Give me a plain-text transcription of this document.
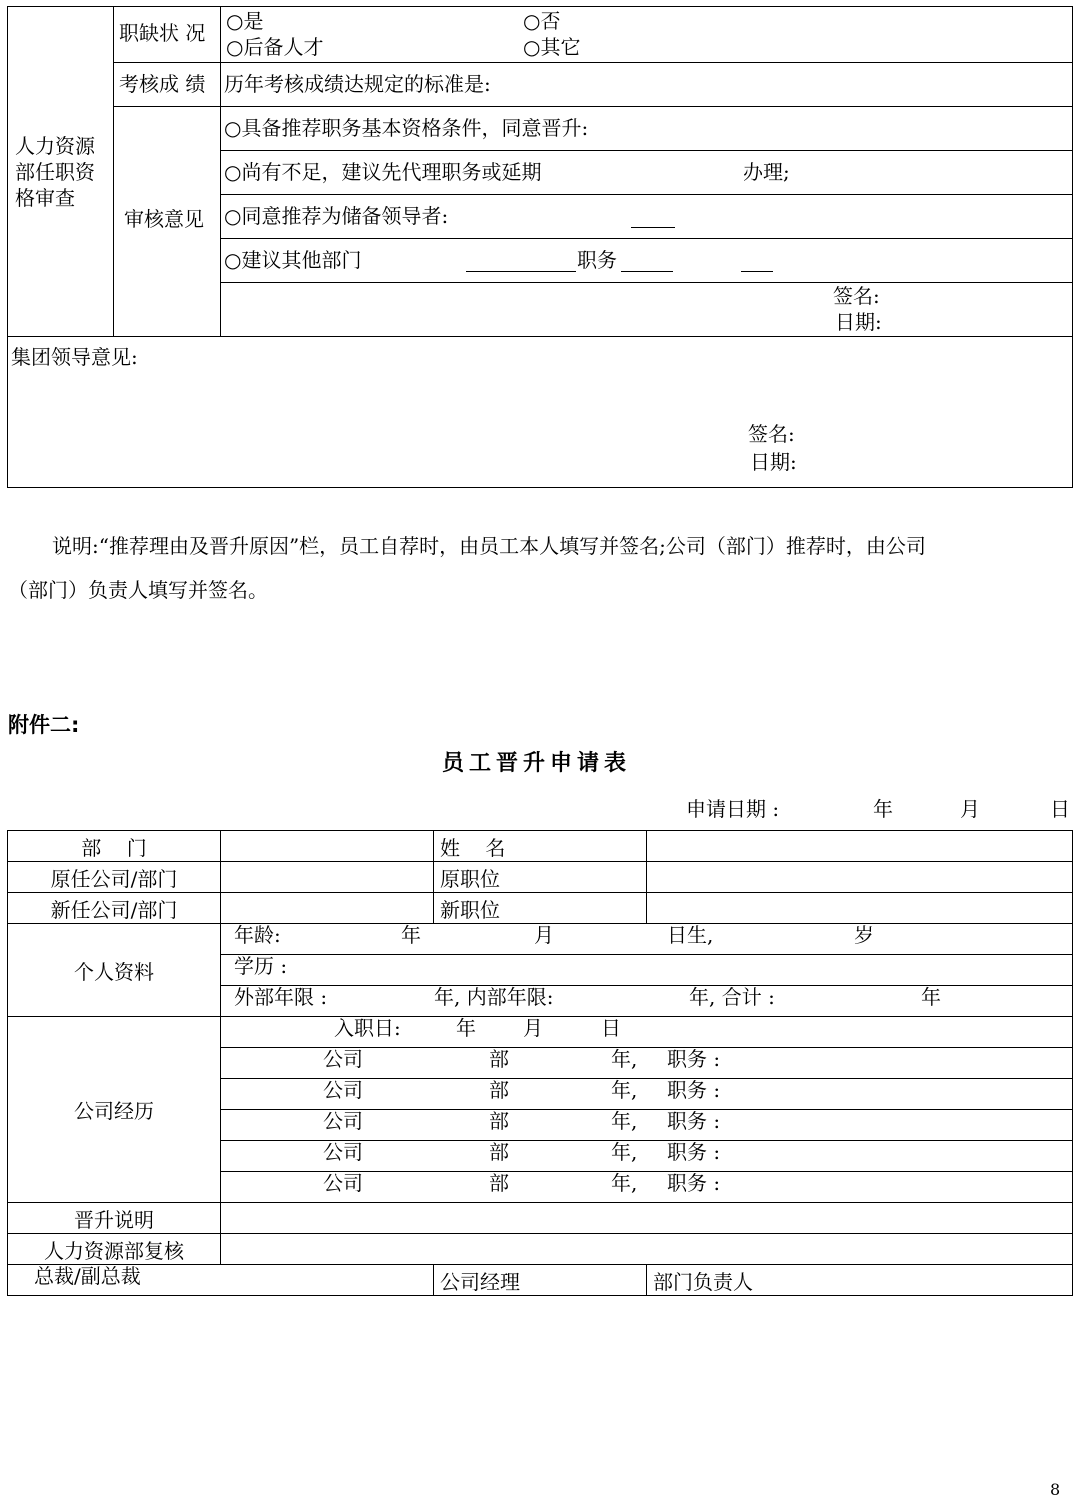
人力资源部任职资格审查	职缺状 况	○是 ○否
○后备人才 ○其它

	考核成 绩	历年考核成绩达规定的标准是:

	审核意见	○具备推荐职务基本资格条件，同意晋升:

		○尚有不足，建议先代理职务或延期 办理;

		○同意推荐为储备领导者:

		○建议其他部门 职务

		签名:
日期:

集团领导意见:
签名:
日期:		
说明:“推荐理由及晋升原因”栏，员工自荐时，由员工本人填写并签名;公司（部门）推荐时，由公司
（部门）负责人填写并签名。
附件二:
员工晋升申请表
申请日期 :	年	月	日
部    门		姓    名	
原任公司/部门		原职位	
新任公司/部门		新职位	
个人资料	年龄: 年 月 日生, 岁		

	学历 :		

	外部年限 : 年, 内部年限: 年, 合计 : 年		

公司经历	入职日: 年 月 日		

	公司 部 年, 职务 :		

	公司 部 年, 职务 :		

	公司 部 年, 职务 :		

	公司 部 年, 职务 :		

	公司 部 年, 职务 :		

晋升说明			
人力资源部复核			

总裁/副总裁		公司经理	部门负责人
8
